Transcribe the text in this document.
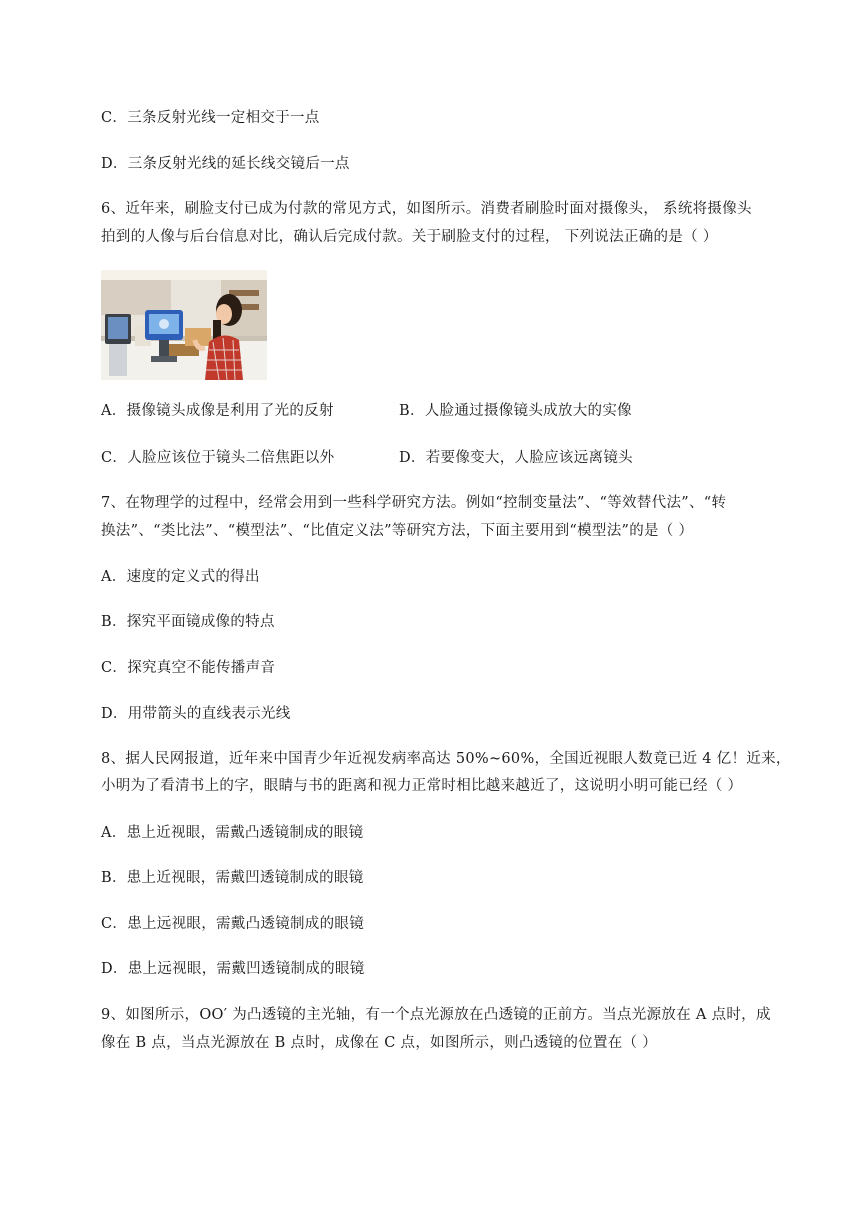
C．三条反射光线一定相交于一点
D．三条反射光线的延长线交镜后一点
6、近年来，刷脸支付已成为付款的常见方式，如图所示。消费者刷脸时面对摄像头， 系统将摄像头
拍到的人像与后台信息对比，确认后完成付款。关于刷脸支付的过程， 下列说法正确的是（ ）
A．摄像镜头成像是利用了光的反射	B．人脸通过摄像镜头成放大的实像
C．人脸应该位于镜头二倍焦距以外	D．若要像变大，人脸应该远离镜头
7、在物理学的过程中，经常会用到一些科学研究方法。例如“控制变量法”、“等效替代法”、“转
换法”、“类比法”、“模型法”、“比值定义法”等研究方法，下面主要用到“模型法”的是（ ）
A．速度的定义式的得出
B．探究平面镜成像的特点
C．探究真空不能传播声音
D．用带箭头的直线表示光线
8、据人民网报道，近年来中国青少年近视发病率高达 50%~60%，全国近视眼人数竟已近 4 亿！近来，
小明为了看清书上的字，眼睛与书的距离和视力正常时相比越来越近了，这说明小明可能已经（ ）
A．患上近视眼，需戴凸透镜制成的眼镜
B．患上近视眼，需戴凹透镜制成的眼镜
C．患上远视眼，需戴凸透镜制成的眼镜
D．患上远视眼，需戴凹透镜制成的眼镜
9、如图所示，OO′ 为凸透镜的主光轴，有一个点光源放在凸透镜的正前方。当点光源放在 A 点时，成
像在 B 点，当点光源放在 B 点时，成像在 C 点，如图所示，则凸透镜的位置在（ ）
